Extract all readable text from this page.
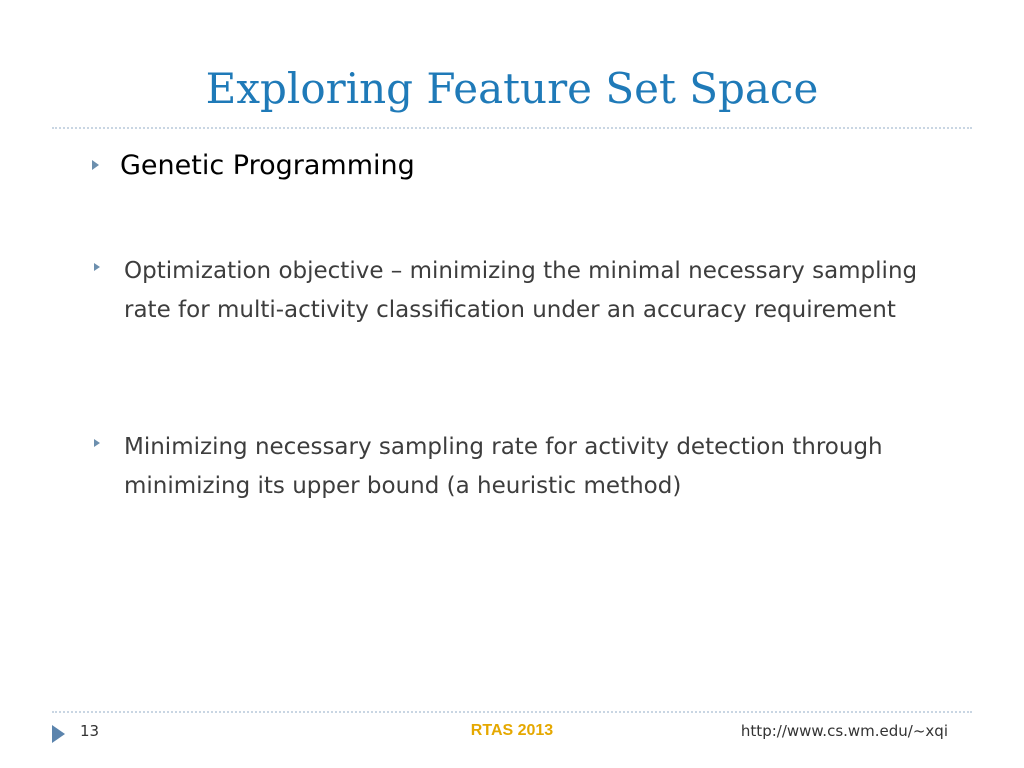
Exploring Feature Set Space
Genetic Programming
Optimization objective – minimizing the minimal necessary sampling rate for multi-activity classification under an accuracy requirement
Minimizing necessary sampling rate for activity detection through minimizing its upper bound (a heuristic method)
13	RTAS 2013	http://www.cs.wm.edu/~xqi
